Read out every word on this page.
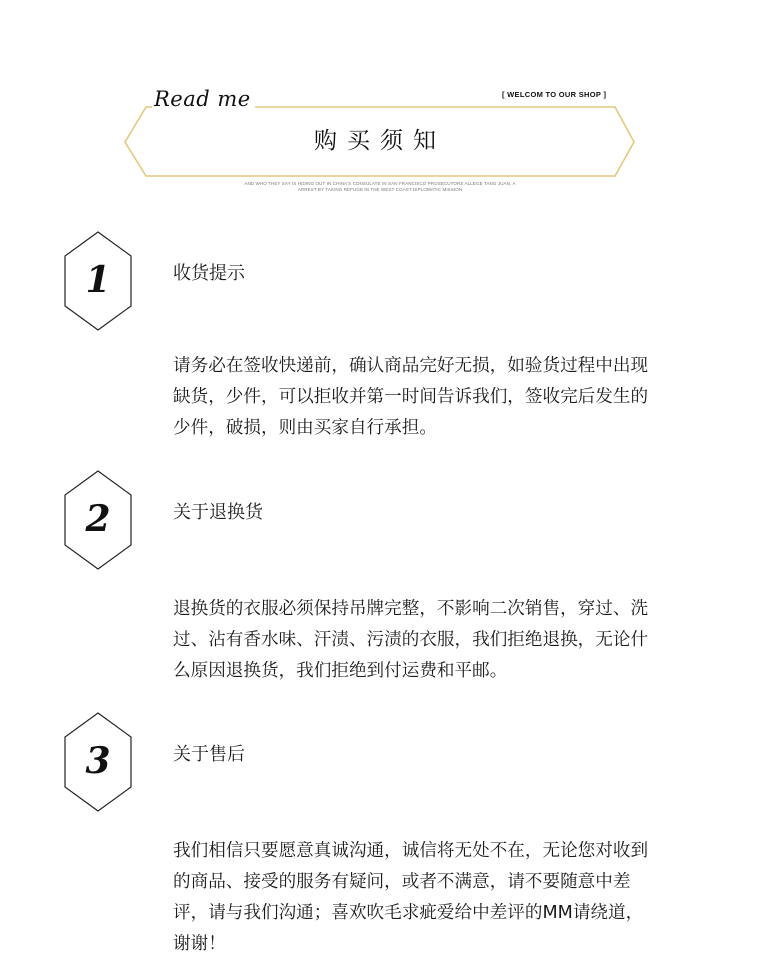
Read me	[ WELCOM TO OUR SHOP ]
购买须知
AND WHO THEY SAY IS HIDING OUT IN CHINA'S CONSULATE IN SAN FRANCISCO PROSECUTORS ALLEGE TANG JUAN, A
ARREST BY TAKING REFUGE IN THE WEST COAST DIPLOMATIC MISSION
1	收货提示
请务必在签收快递前，确认商品完好无损，如验货过程中出现
缺货，少件，可以拒收并第一时间告诉我们，签收完后发生的
少件，破损，则由买家自行承担。
2	关于退换货
退换货的衣服必须保持吊牌完整，不影响二次销售，穿过、洗
过、沾有香水味、汗渍、污渍的衣服，我们拒绝退换，无论什
么原因退换货，我们拒绝到付运费和平邮。
3	关于售后
我们相信只要愿意真诚沟通，诚信将无处不在，无论您对收到
的商品、接受的服务有疑问，或者不满意，请不要随意中差
评，请与我们沟通；喜欢吹毛求疵爱给中差评的MM请绕道，
谢谢！
